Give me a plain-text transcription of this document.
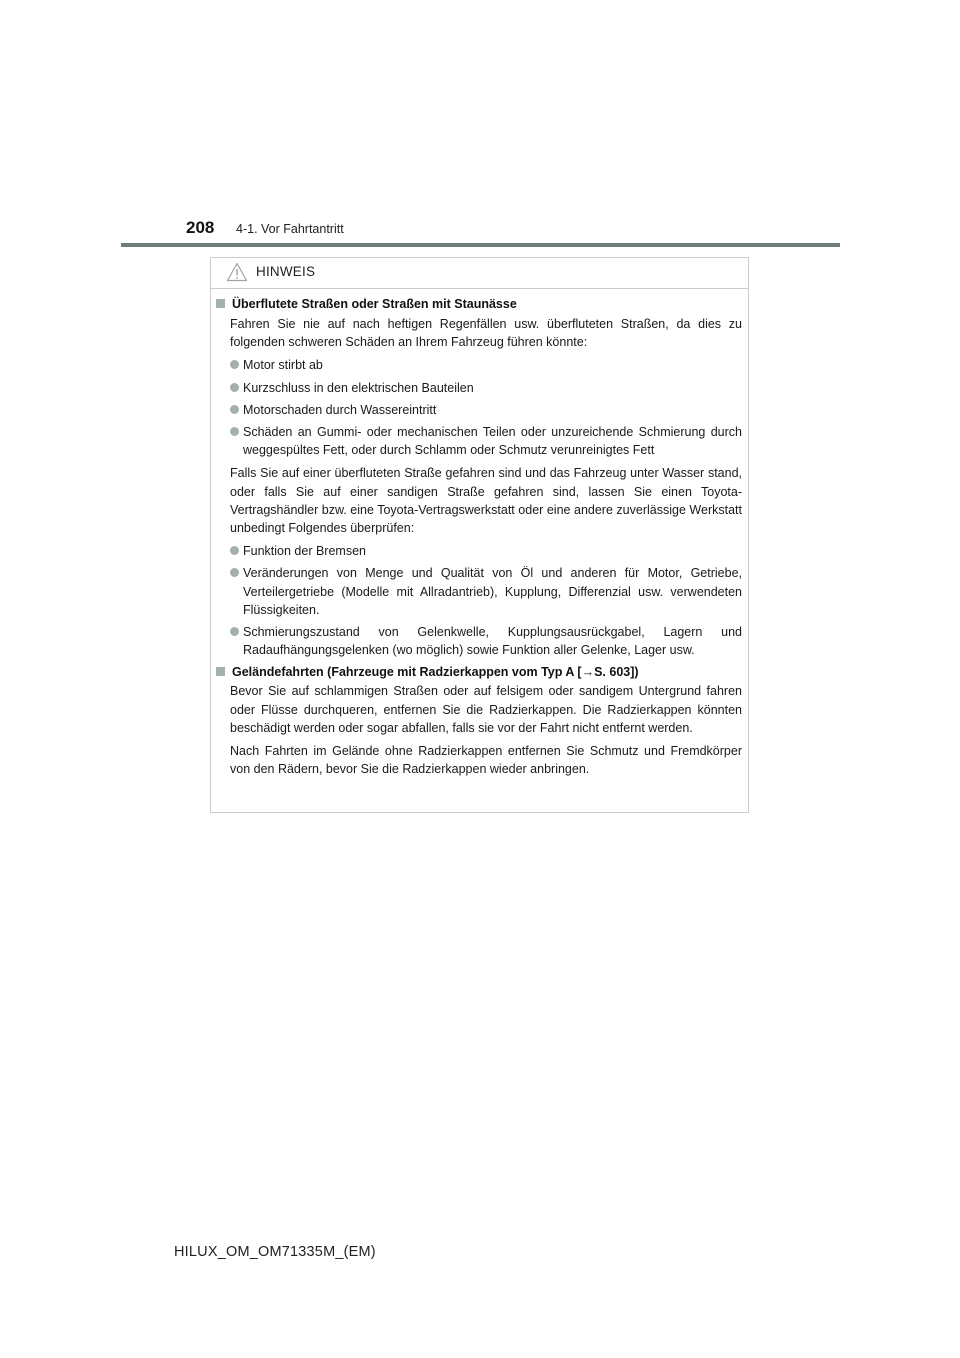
208 4-1. Vor Fahrtantritt
HINWEIS
Überflutete Straßen oder Straßen mit Staunässe

Fahren Sie nie auf nach heftigen Regenfällen usw. überfluteten Straßen, da dies zu folgenden schweren Schäden an Ihrem Fahrzeug führen könnte:

Motor stirbt ab
Kurzschluss in den elektrischen Bauteilen
Motorschaden durch Wassereintritt
Schäden an Gummi- oder mechanischen Teilen oder unzureichende Schmierung durch weggespültes Fett, oder durch Schlamm oder Schmutz verunreinigtes Fett

Falls Sie auf einer überfluteten Straße gefahren sind und das Fahrzeug unter Wasser stand, oder falls Sie auf einer sandigen Straße gefahren sind, lassen Sie einen Toyota-Vertragshändler bzw. eine Toyota-Vertragswerkstatt oder eine andere zuverlässige Werkstatt unbedingt Folgendes überprüfen:

Funktion der Bremsen
Veränderungen von Menge und Qualität von Öl und anderen für Motor, Getriebe, Verteilergetriebe (Modelle mit Allradantrieb), Kupplung, Differenzial usw. verwendeten Flüssigkeiten.
Schmierungszustand von Gelenkwelle, Kupplungsausrückgabel, Lagern und Radaufhängungsgelenken (wo möglich) sowie Funktion aller Gelenke, Lager usw.
Geländefahrten (Fahrzeuge mit Radzierkappen vom Typ A [→S. 603])

Bevor Sie auf schlammigen Straßen oder auf felsigem oder sandigem Untergrund fahren oder Flüsse durchqueren, entfernen Sie die Radzierkappen. Die Radzierkappen könnten beschädigt werden oder sogar abfallen, falls sie vor der Fahrt nicht entfernt werden.

Nach Fahrten im Gelände ohne Radzierkappen entfernen Sie Schmutz und Fremdkörper von den Rädern, bevor Sie die Radzierkappen wieder anbringen.

HILUX_OM_OM71335M_(EM)
